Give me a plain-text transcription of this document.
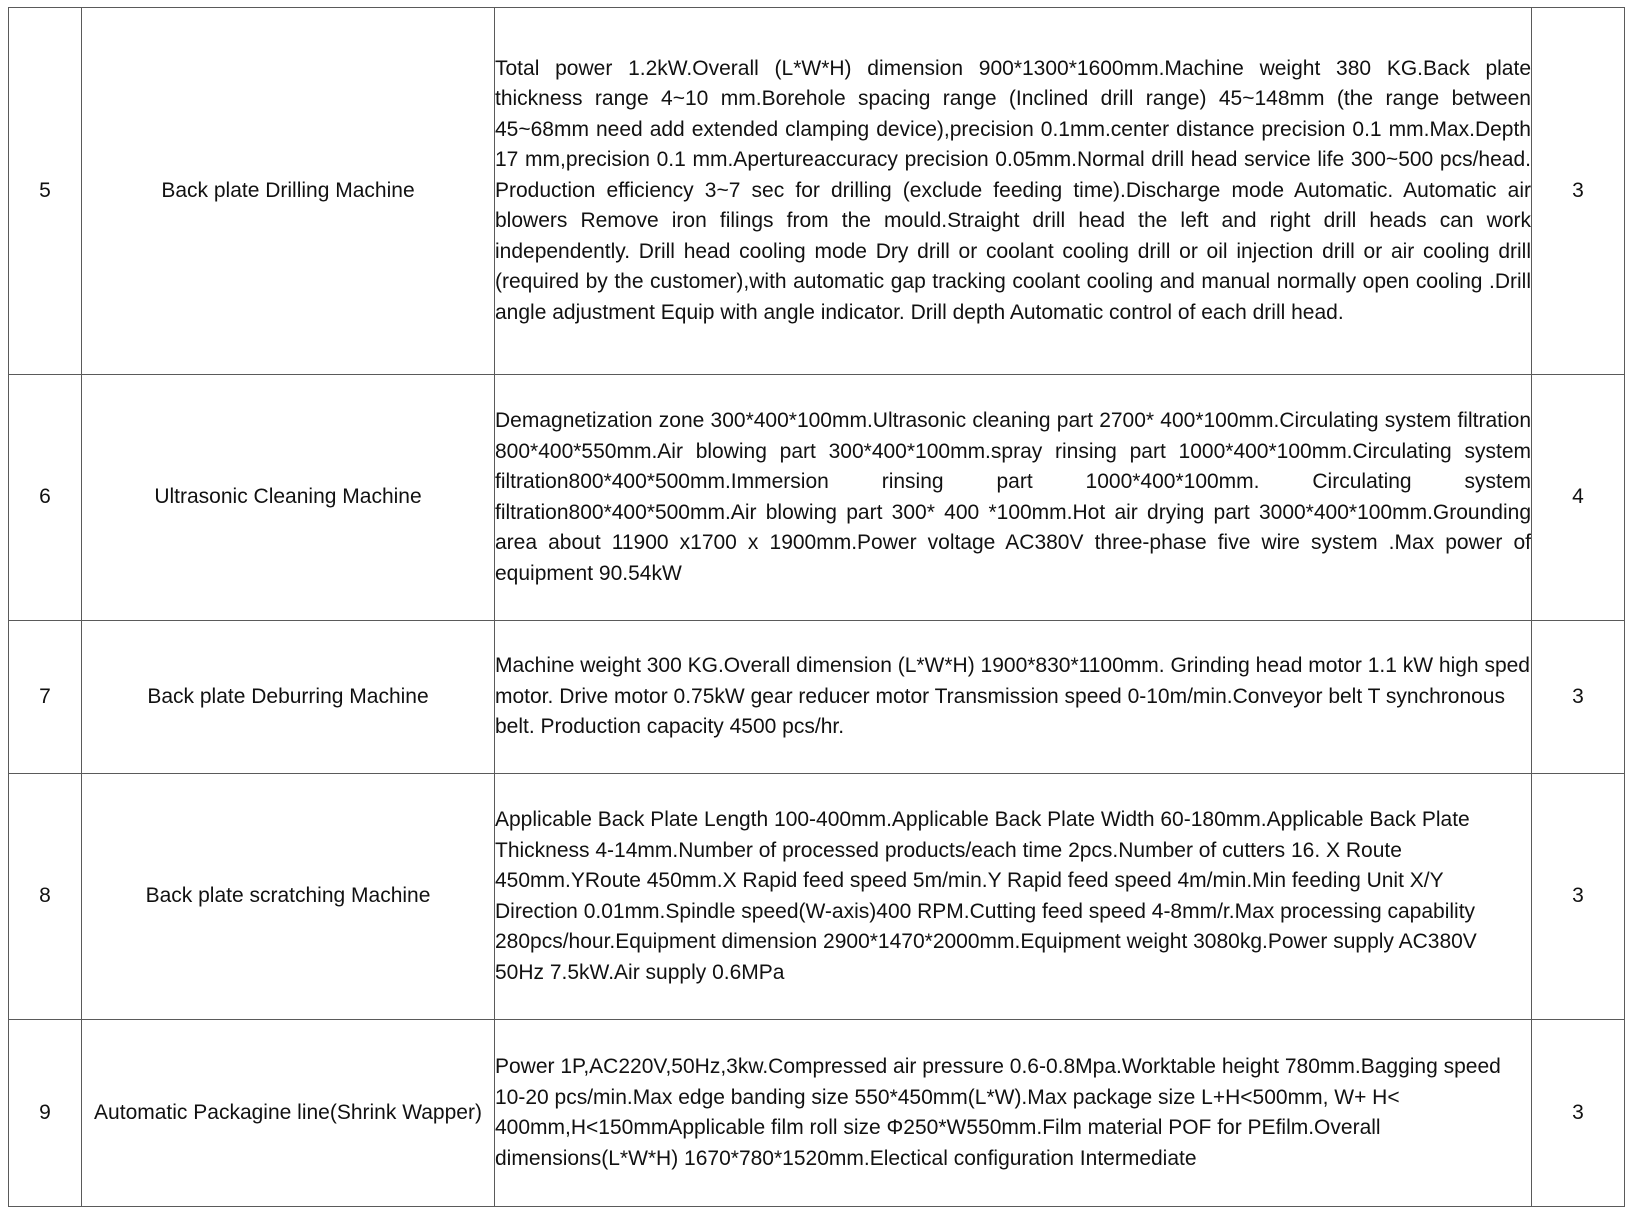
5	Back plate Drilling Machine	Total power 1.2kW.Overall (L*W*H) dimension 900*1300*1600mm.Machine weight 380 KG.Back plate thickness range 4~10 mm.Borehole spacing range (Inclined drill range) 45~148mm (the range between 45~68mm need add extended clamping device),precision 0.1mm.center distance precision 0.1 mm.Max.Depth 17 mm,precision 0.1 mm.Apertureaccuracy precision 0.05mm.Normal drill head service life 300~500 pcs/head. Production efficiency 3~7 sec for drilling (exclude feeding time).Discharge mode Automatic. Automatic air blowers Remove iron filings from the mould.Straight drill head the left and right drill heads can work independently. Drill head cooling mode Dry drill or coolant cooling drill or oil injection drill or air cooling drill (required by the customer),with automatic gap tracking coolant cooling and manual normally open cooling .Drill angle adjustment Equip with angle indicator. Drill depth Automatic control of each drill head.	3
6	Ultrasonic Cleaning Machine	Demagnetization zone 300*400*100mm.Ultrasonic cleaning part 2700* 400*100mm.Circulating system filtration 800*400*550mm.Air blowing part 300*400*100mm.spray rinsing part 1000*400*100mm.Circulating system filtration800*400*500mm.Immersion rinsing part 1000*400*100mm. Circulating system filtration800*400*500mm.Air blowing part 300* 400 *100mm.Hot air drying part 3000*400*100mm.Grounding area about 11900 x1700 x 1900mm.Power voltage AC380V three-phase five wire system .Max power of equipment 90.54kW	4
7	Back plate Deburring Machine	Machine weight 300 KG.Overall dimension (L*W*H) 1900*830*1100mm. Grinding head motor 1.1 kW high sped motor. Drive motor 0.75kW gear reducer motor Transmission speed 0-10m/min.Conveyor belt T synchronous belt. Production capacity 4500 pcs/hr.	3
8	Back plate scratching Machine	Applicable Back Plate Length 100-400mm.Applicable Back Plate Width 60-180mm.Applicable Back Plate Thickness 4-14mm.Number of processed products/each time 2pcs.Number of cutters 16. X Route 450mm.YRoute 450mm.X Rapid feed speed 5m/min.Y Rapid feed speed 4m/min.Min feeding Unit X/Y Direction 0.01mm.Spindle speed(W-axis)400 RPM.Cutting feed speed 4-8mm/r.Max processing capability 280pcs/hour.Equipment dimension 2900*1470*2000mm.Equipment weight 3080kg.Power supply AC380V 50Hz 7.5kW.Air supply 0.6MPa	3
9	Automatic Packagine line(Shrink Wapper)	Power 1P,AC220V,50Hz,3kw.Compressed air pressure 0.6-0.8Mpa.Worktable height 780mm.Bagging speed 10-20 pcs/min.Max edge banding size 550*450mm(L*W).Max package size L+H<500mm, W+ H< 400mm,H<150mmApplicable film roll size Φ250*W550mm.Film material POF for PEfilm.Overall dimensions(L*W*H) 1670*780*1520mm.Electical configuration Intermediate	3
